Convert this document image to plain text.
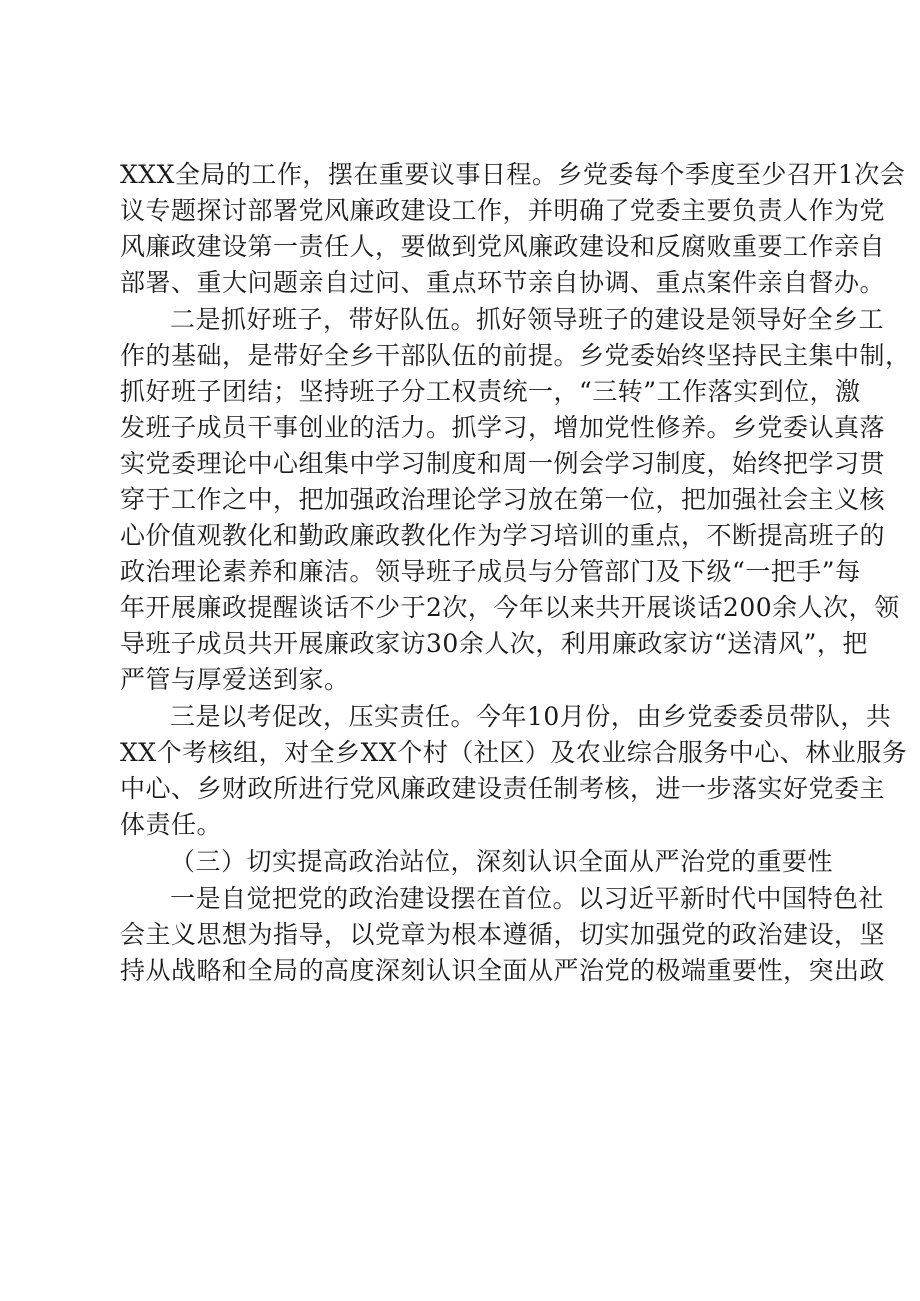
XXX全局的工作，摆在重要议事日程。乡党委每个季度至少召开1次会
议专题探讨部署党风廉政建设工作，并明确了党委主要负责人作为党
风廉政建设第一责任人，要做到党风廉政建设和反腐败重要工作亲自
部署、重大问题亲自过问、重点环节亲自协调、重点案件亲自督办。
二是抓好班子，带好队伍。抓好领导班子的建设是领导好全乡工
作的基础，是带好全乡干部队伍的前提。乡党委始终坚持民主集中制，
抓好班子团结；坚持班子分工权责统一，“三转”工作落实到位，激
发班子成员干事创业的活力。抓学习，增加党性修养。乡党委认真落
实党委理论中心组集中学习制度和周一例会学习制度，始终把学习贯
穿于工作之中，把加强政治理论学习放在第一位，把加强社会主义核
心价值观教化和勤政廉政教化作为学习培训的重点，不断提高班子的
政治理论素养和廉洁。领导班子成员与分管部门及下级“一把手”每
年开展廉政提醒谈话不少于2次，今年以来共开展谈话200余人次，领
导班子成员共开展廉政家访30余人次，利用廉政家访“送清风”，把
严管与厚爱送到家。
三是以考促改，压实责任。今年10月份，由乡党委委员带队，共
XX个考核组，对全乡XX个村（社区）及农业综合服务中心、林业服务
中心、乡财政所进行党风廉政建设责任制考核，进一步落实好党委主
体责任。
（三）切实提高政治站位，深刻认识全面从严治党的重要性
一是自觉把党的政治建设摆在首位。以习近平新时代中国特色社
会主义思想为指导，以党章为根本遵循，切实加强党的政治建设，坚
持从战略和全局的高度深刻认识全面从严治党的极端重要性，突出政
